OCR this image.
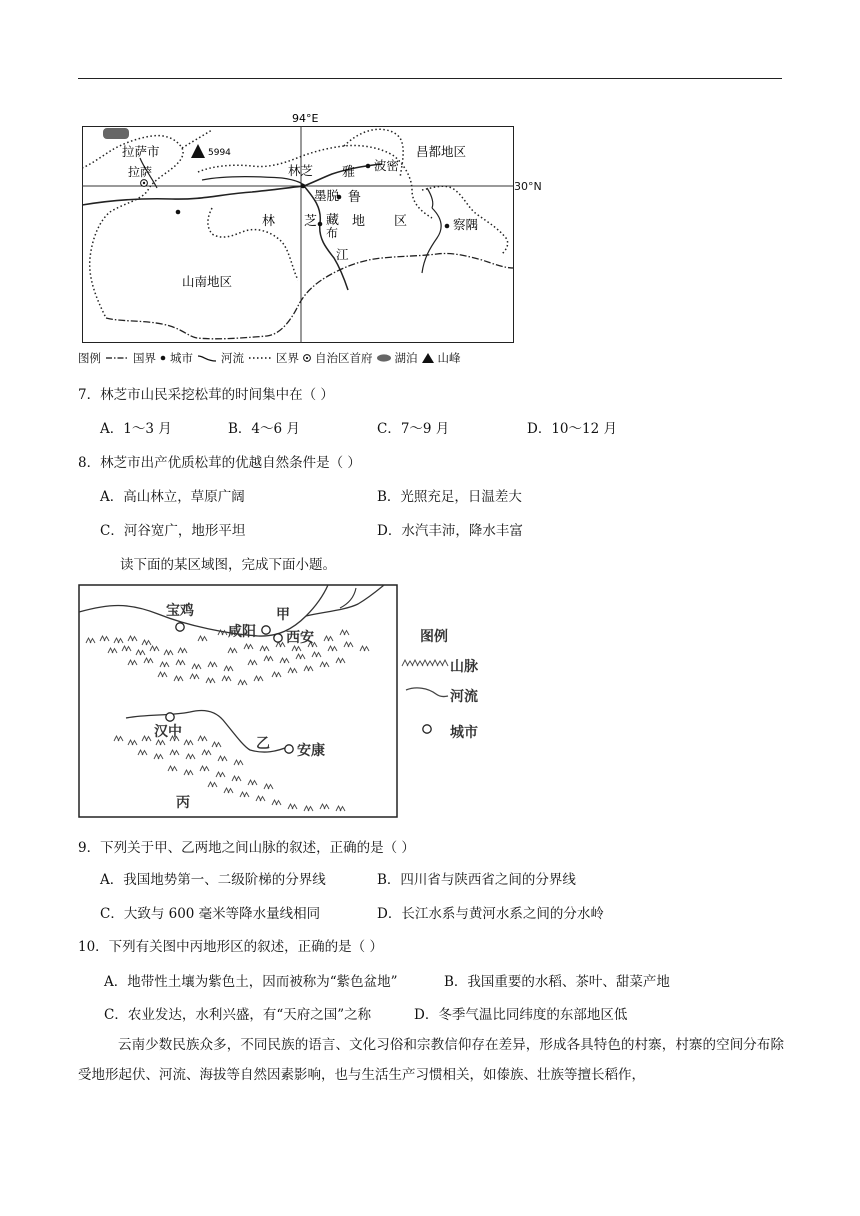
94°E
5994
拉萨市
拉萨	林芝 雅 波密
昌都地区
墨脱 鲁
林 芝 藏
布
地 区
江
察隅
山南地区
30°N
图例	国界 城市 河流	区界 自治区首府 湖泊 山峰
7．林芝市山民采挖松茸的时间集中在（ ）
A．1～3 月	B．4～6 月	C．7～9 月	D．10～12 月
8．林芝市出产优质松茸的优越自然条件是（ ）
A．高山林立，草原广阔	B．光照充足，日温差大
C．河谷宽广，地形平坦	D．水汽丰沛，降水丰富
读下面的某区域图，完成下面小题。
宝鸡	甲
咸阳 西安
汉中
乙 安康
丙
图例
山脉
河流
城市
9．下列关于甲、乙两地之间山脉的叙述，正确的是（ ）
A．我国地势第一、二级阶梯的分界线	B．四川省与陕西省之间的分界线
C．大致与 600 毫米等降水量线相同	D．长江水系与黄河水系之间的分水岭
10．下列有关图中丙地形区的叙述，正确的是（ ）
A．地带性土壤为紫色土，因而被称为“紫色盆地”	B．我国重要的水稻、茶叶、甜菜产地
C．农业发达，水利兴盛，有“天府之国”之称	D．冬季气温比同纬度的东部地区低
云南少数民族众多，不同民族的语言、文化习俗和宗教信仰存在差异，形成各具特色的村寨，村寨的空间分布除受地形起伏、河流、海拔等自然因素影响，也与生活生产习惯相关，如傣族、壮族等擅长稻作，
